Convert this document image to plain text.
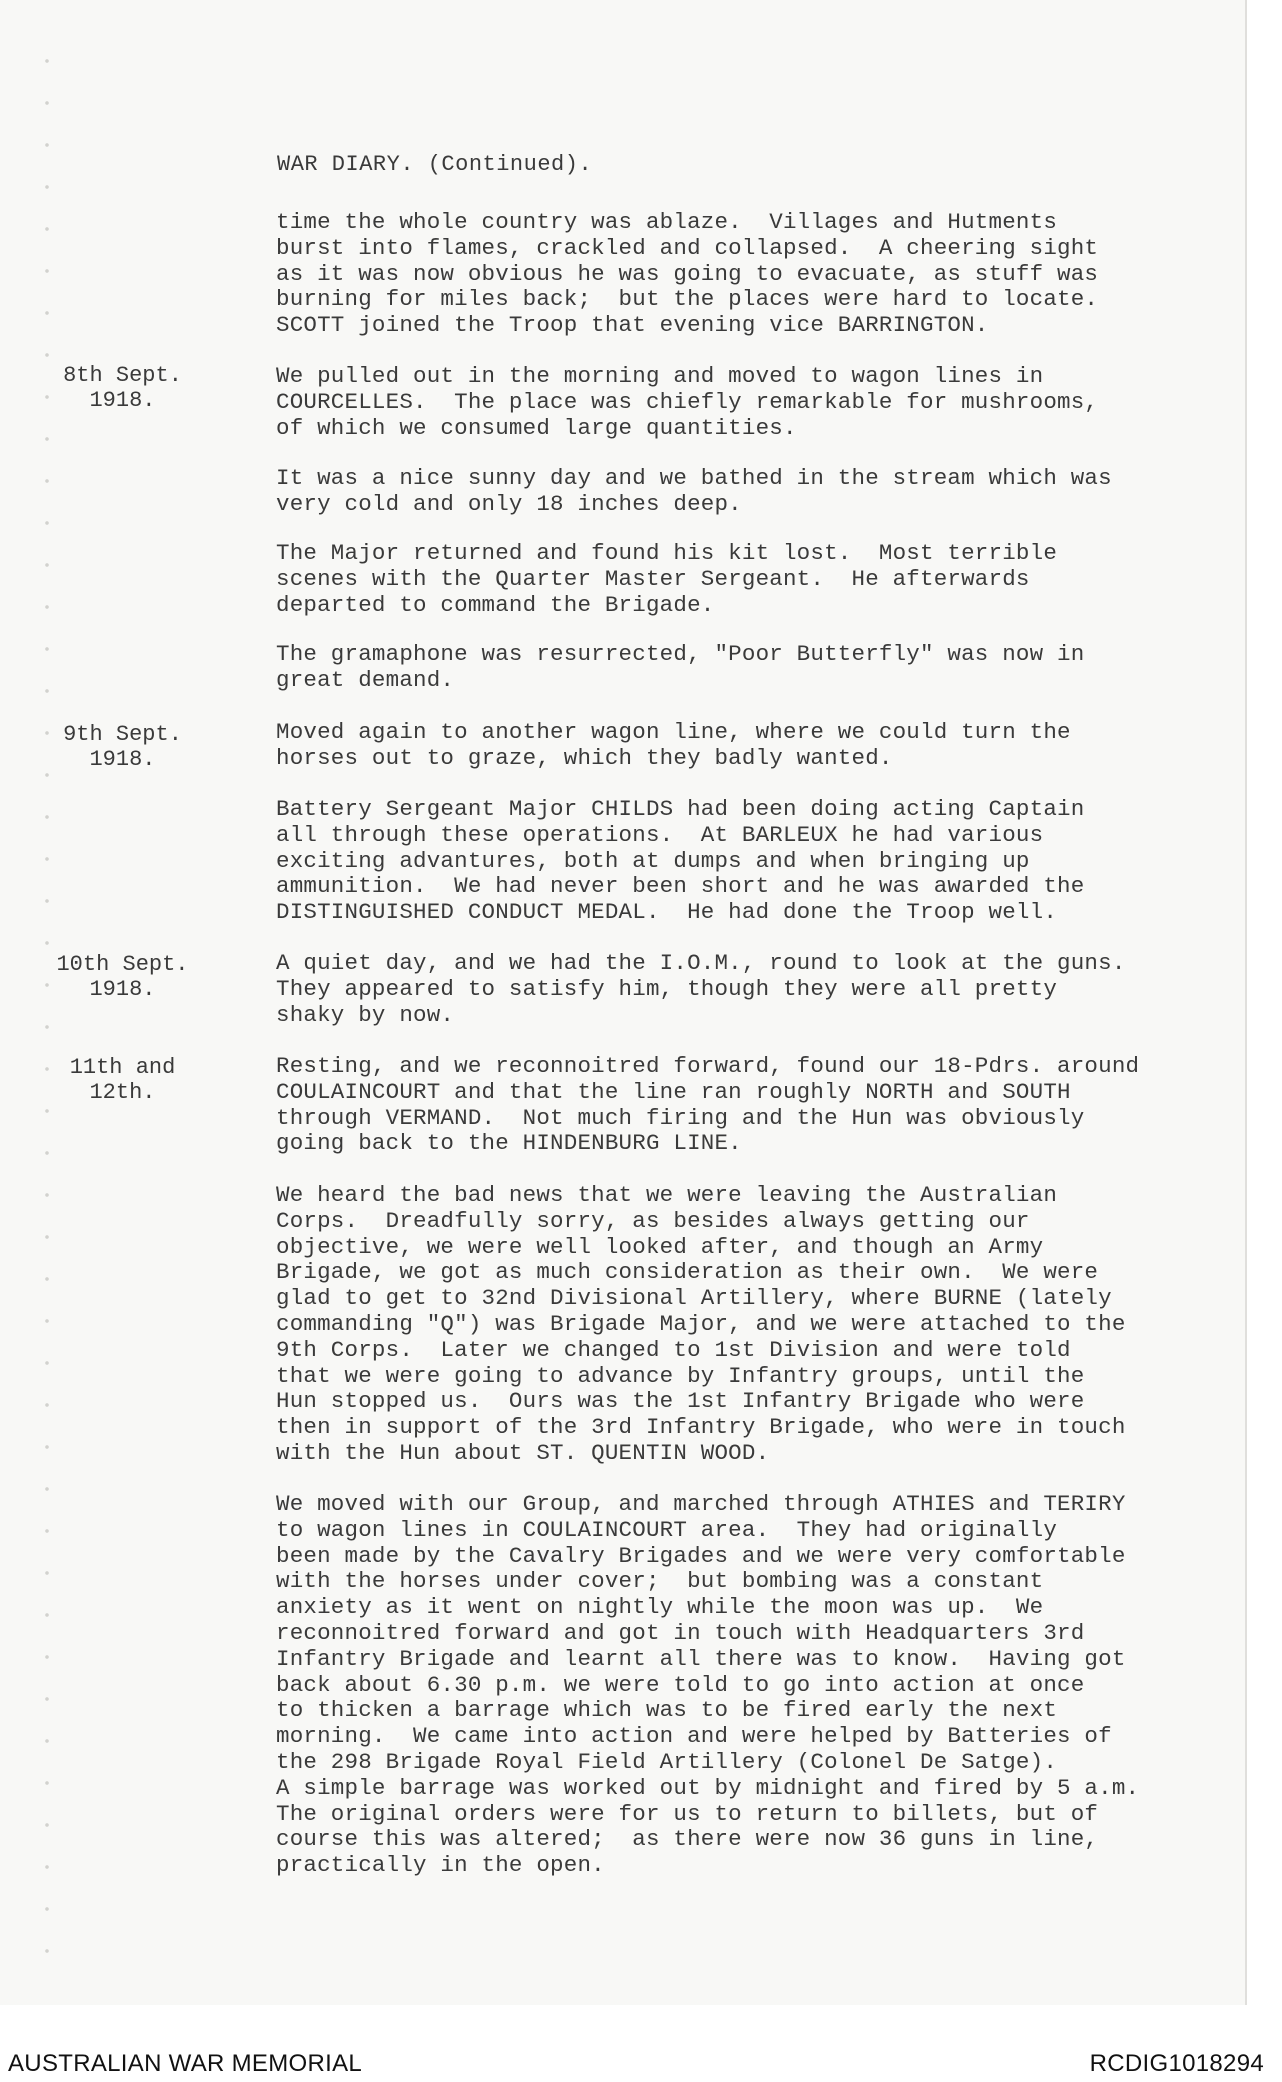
WAR DIARY. (Continued).
8th Sept.
1918.
9th Sept.
1918.
10th Sept.
1918.
11th and
12th.
time the whole country was ablaze.  Villages and Hutments
burst into flames, crackled and collapsed.  A cheering sight
as it was now obvious he was going to evacuate, as stuff was
burning for miles back;  but the places were hard to locate.
SCOTT joined the Troop that evening vice BARRINGTON.
We pulled out in the morning and moved to wagon lines in
COURCELLES.  The place was chiefly remarkable for mushrooms,
of which we consumed large quantities.
It was a nice sunny day and we bathed in the stream which was
very cold and only 18 inches deep.
The Major returned and found his kit lost.  Most terrible
scenes with the Quarter Master Sergeant.  He afterwards
departed to command the Brigade.
The gramaphone was resurrected, "Poor Butterfly" was now in
great demand.
Moved again to another wagon line, where we could turn the
horses out to graze, which they badly wanted.
Battery Sergeant Major CHILDS had been doing acting Captain
all through these operations.  At BARLEUX he had various
exciting advantures, both at dumps and when bringing up
ammunition.  We had never been short and he was awarded the
DISTINGUISHED CONDUCT MEDAL.  He had done the Troop well.
A quiet day, and we had the I.O.M., round to look at the guns.
They appeared to satisfy him, though they were all pretty
shaky by now.
Resting, and we reconnoitred forward, found our 18-Pdrs. around
COULAINCOURT and that the line ran roughly NORTH and SOUTH
through VERMAND.  Not much firing and the Hun was obviously
going back to the HINDENBURG LINE.
We heard the bad news that we were leaving the Australian
Corps.  Dreadfully sorry, as besides always getting our
objective, we were well looked after, and though an Army
Brigade, we got as much consideration as their own.  We were
glad to get to 32nd Divisional Artillery, where BURNE (lately
commanding "Q") was Brigade Major, and we were attached to the
9th Corps.  Later we changed to 1st Division and were told
that we were going to advance by Infantry groups, until the
Hun stopped us.  Ours was the 1st Infantry Brigade who were
then in support of the 3rd Infantry Brigade, who were in touch
with the Hun about ST. QUENTIN WOOD.
We moved with our Group, and marched through ATHIES and TERIRY
to wagon lines in COULAINCOURT area.  They had originally
been made by the Cavalry Brigades and we were very comfortable
with the horses under cover;  but bombing was a constant
anxiety as it went on nightly while the moon was up.  We
reconnoitred forward and got in touch with Headquarters 3rd
Infantry Brigade and learnt all there was to know.  Having got
back about 6.30 p.m. we were told to go into action at once
to thicken a barrage which was to be fired early the next
morning.  We came into action and were helped by Batteries of
the 298 Brigade Royal Field Artillery (Colonel De Satge).
A simple barrage was worked out by midnight and fired by 5 a.m.
The original orders were for us to return to billets, but of
course this was altered;  as there were now 36 guns in line,
practically in the open.
AUSTRALIAN WAR MEMORIAL	RCDIG1018294
